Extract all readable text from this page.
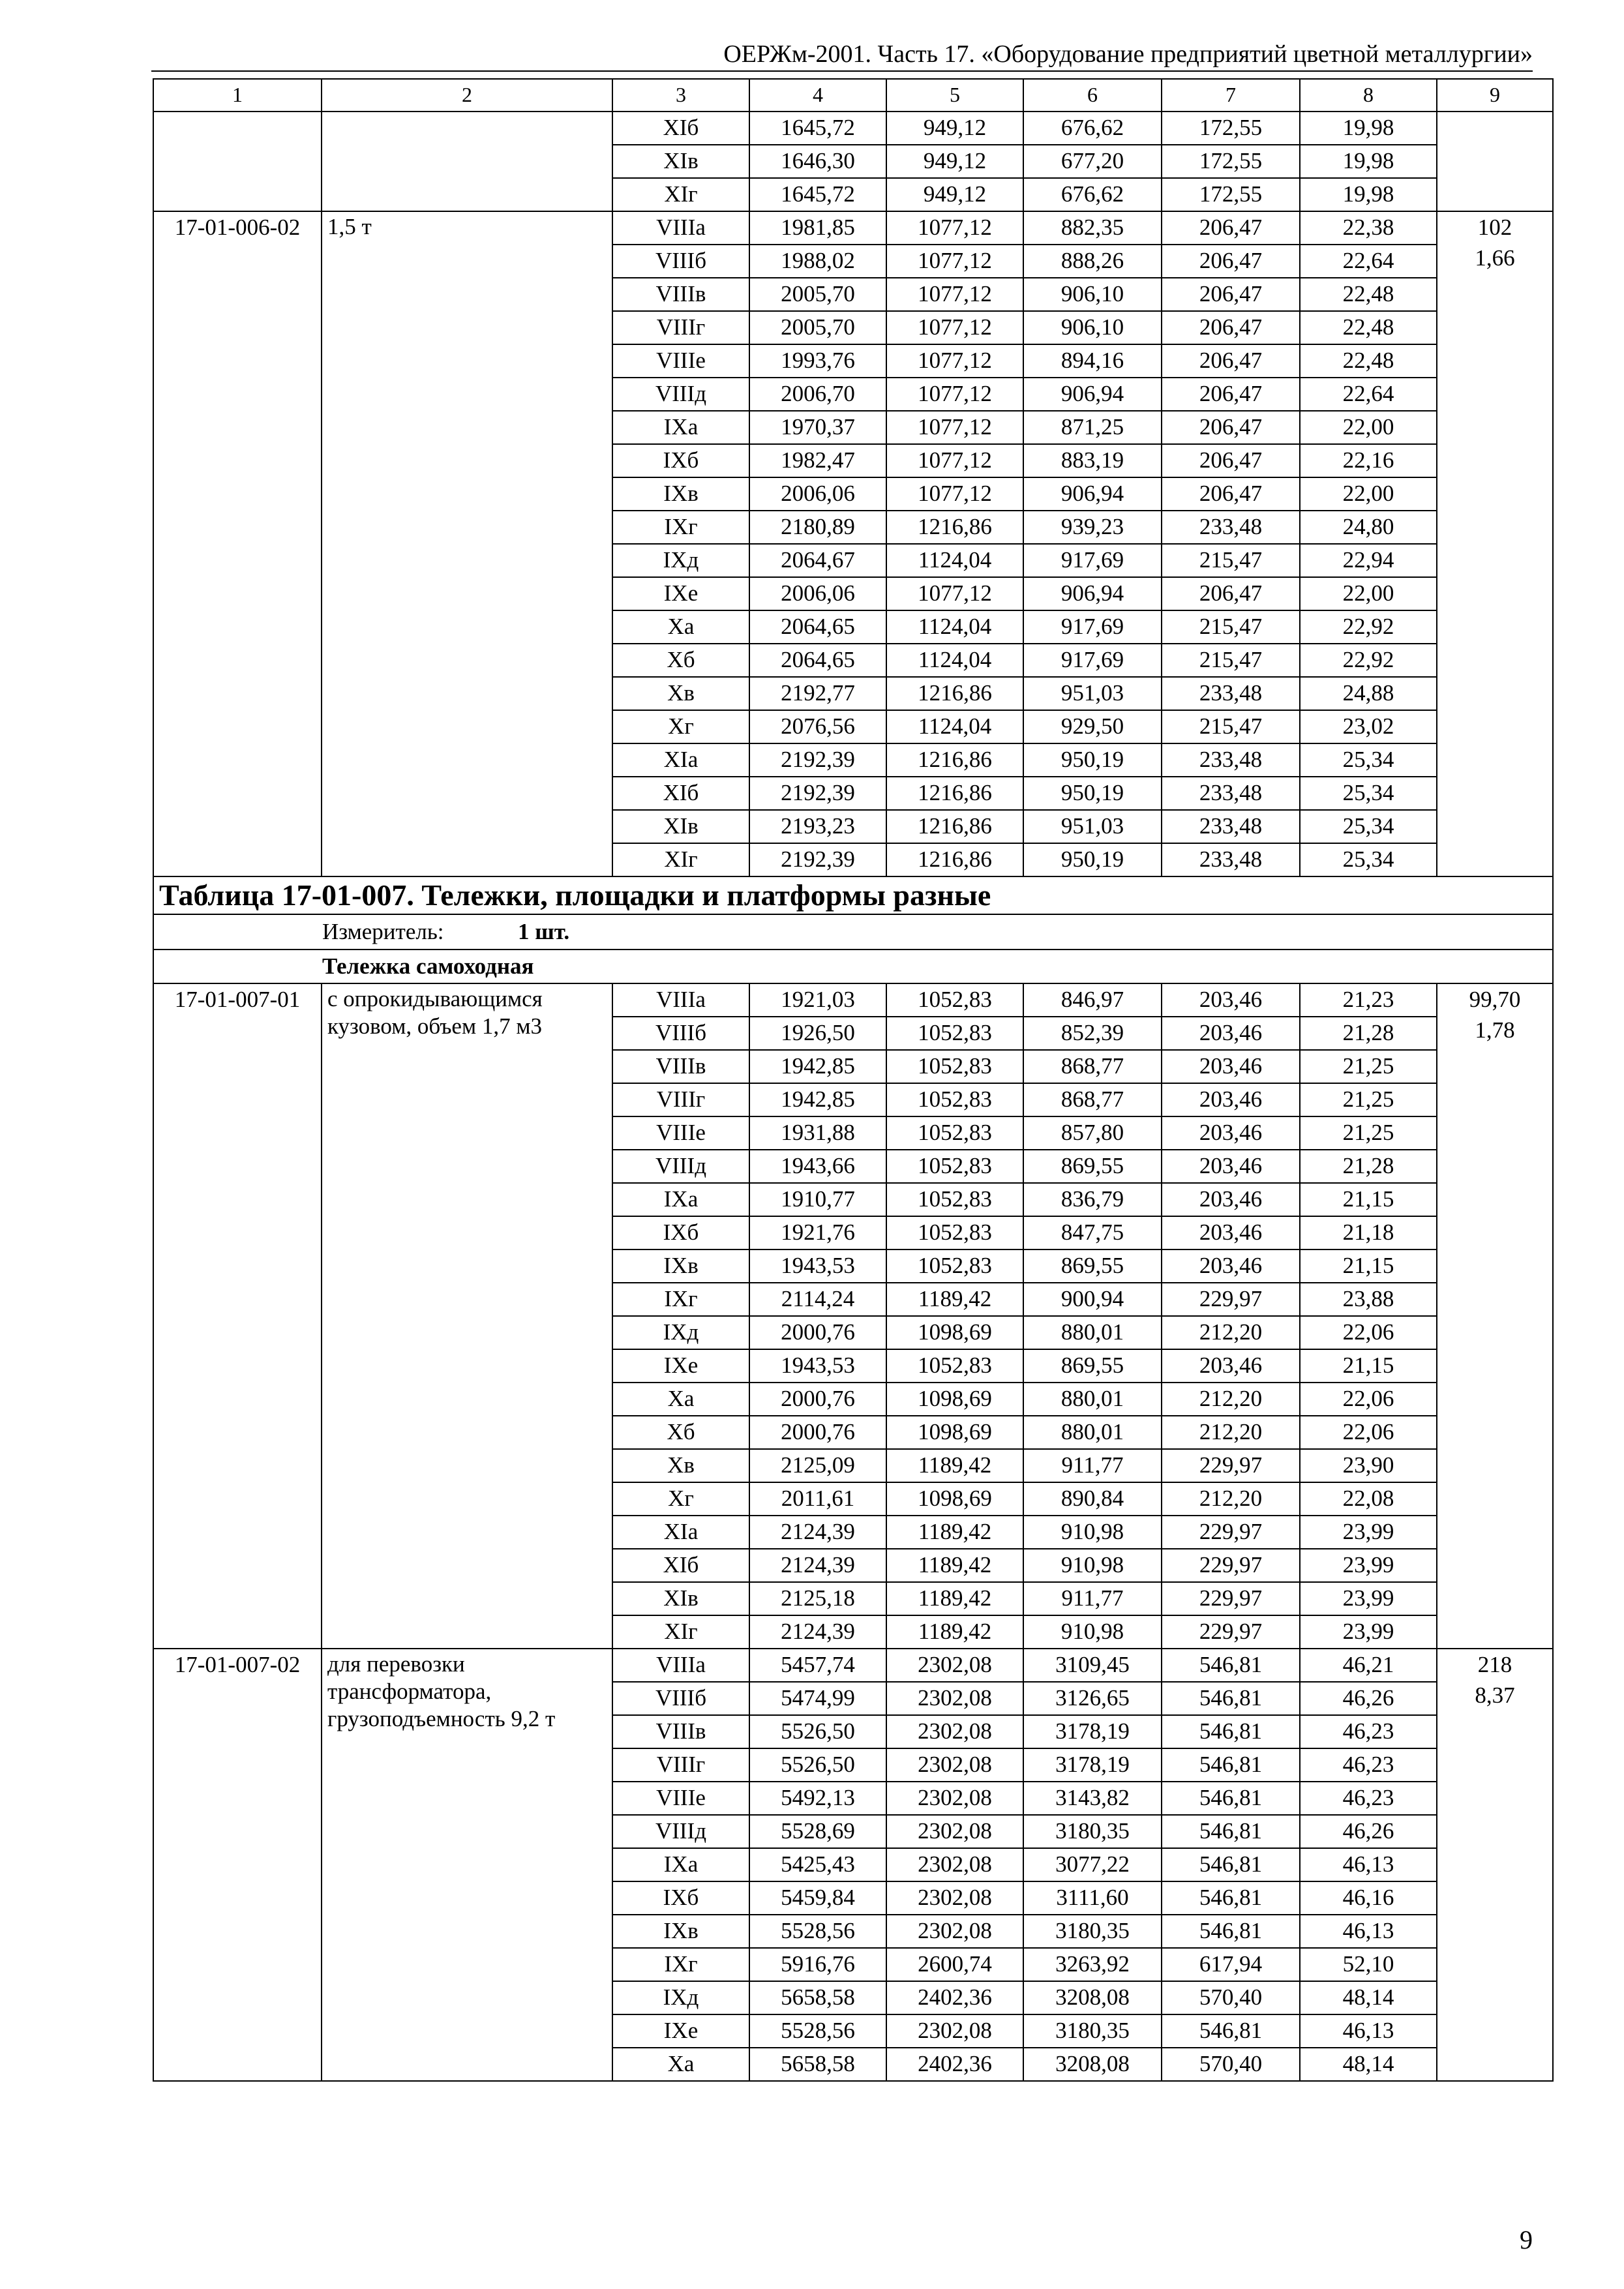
ОЕРЖм-2001. Часть 17. «Оборудование предприятий цветной металлургии»
1	2	3	4	5	6	7	8	9
		XIб	1645,72	949,12	676,62	172,55	19,98	
		XIв	1646,30	949,12	677,20	172,55	19,98	
		XIг	1645,72	949,12	676,62	172,55	19,98	
17-01-006-02	1,5 т	VIIIа	1981,85	1077,12	882,35	206,47	22,38	102
1,66

		VIIIб	1988,02	1077,12	888,26	206,47	22,64	
		VIIIв	2005,70	1077,12	906,10	206,47	22,48	
		VIIIг	2005,70	1077,12	906,10	206,47	22,48	
		VIIIе	1993,76	1077,12	894,16	206,47	22,48	
		VIIIд	2006,70	1077,12	906,94	206,47	22,64	
		IXа	1970,37	1077,12	871,25	206,47	22,00	
		IXб	1982,47	1077,12	883,19	206,47	22,16	
		IXв	2006,06	1077,12	906,94	206,47	22,00	
		IXг	2180,89	1216,86	939,23	233,48	24,80	
		IXд	2064,67	1124,04	917,69	215,47	22,94	
		IXе	2006,06	1077,12	906,94	206,47	22,00	
		Xа	2064,65	1124,04	917,69	215,47	22,92	
		Xб	2064,65	1124,04	917,69	215,47	22,92	
		Xв	2192,77	1216,86	951,03	233,48	24,88	
		Xг	2076,56	1124,04	929,50	215,47	23,02	
		XIа	2192,39	1216,86	950,19	233,48	25,34	
		XIб	2192,39	1216,86	950,19	233,48	25,34	
		XIв	2193,23	1216,86	951,03	233,48	25,34	
		XIг	2192,39	1216,86	950,19	233,48	25,34	
Таблица 17-01-007. Тележки, площадки и платформы разные								
Измеритель: 1 шт.								
Тележка самоходная								
17-01-007-01	с опрокидывающимся кузовом, объем 1,7 м3	VIIIа	1921,03	1052,83	846,97	203,46	21,23	99,70
1,78

		VIIIб	1926,50	1052,83	852,39	203,46	21,28	
		VIIIв	1942,85	1052,83	868,77	203,46	21,25	
		VIIIг	1942,85	1052,83	868,77	203,46	21,25	
		VIIIе	1931,88	1052,83	857,80	203,46	21,25	
		VIIIд	1943,66	1052,83	869,55	203,46	21,28	
		IXа	1910,77	1052,83	836,79	203,46	21,15	
		IXб	1921,76	1052,83	847,75	203,46	21,18	
		IXв	1943,53	1052,83	869,55	203,46	21,15	
		IXг	2114,24	1189,42	900,94	229,97	23,88	
		IXд	2000,76	1098,69	880,01	212,20	22,06	
		IXе	1943,53	1052,83	869,55	203,46	21,15	
		Xа	2000,76	1098,69	880,01	212,20	22,06	
		Xб	2000,76	1098,69	880,01	212,20	22,06	
		Xв	2125,09	1189,42	911,77	229,97	23,90	
		Xг	2011,61	1098,69	890,84	212,20	22,08	
		XIа	2124,39	1189,42	910,98	229,97	23,99	
		XIб	2124,39	1189,42	910,98	229,97	23,99	
		XIв	2125,18	1189,42	911,77	229,97	23,99	
		XIг	2124,39	1189,42	910,98	229,97	23,99	
17-01-007-02	для перевозки трансформатора, грузоподъемность 9,2 т	VIIIа	5457,74	2302,08	3109,45	546,81	46,21	218
8,37

		VIIIб	5474,99	2302,08	3126,65	546,81	46,26	
		VIIIв	5526,50	2302,08	3178,19	546,81	46,23	
		VIIIг	5526,50	2302,08	3178,19	546,81	46,23	
		VIIIе	5492,13	2302,08	3143,82	546,81	46,23	
		VIIIд	5528,69	2302,08	3180,35	546,81	46,26	
		IXа	5425,43	2302,08	3077,22	546,81	46,13	
		IXб	5459,84	2302,08	3111,60	546,81	46,16	
		IXв	5528,56	2302,08	3180,35	546,81	46,13	
		IXг	5916,76	2600,74	3263,92	617,94	52,10	
		IXд	5658,58	2402,36	3208,08	570,40	48,14	
		IXе	5528,56	2302,08	3180,35	546,81	46,13	
		Xа	5658,58	2402,36	3208,08	570,40	48,14	
9
